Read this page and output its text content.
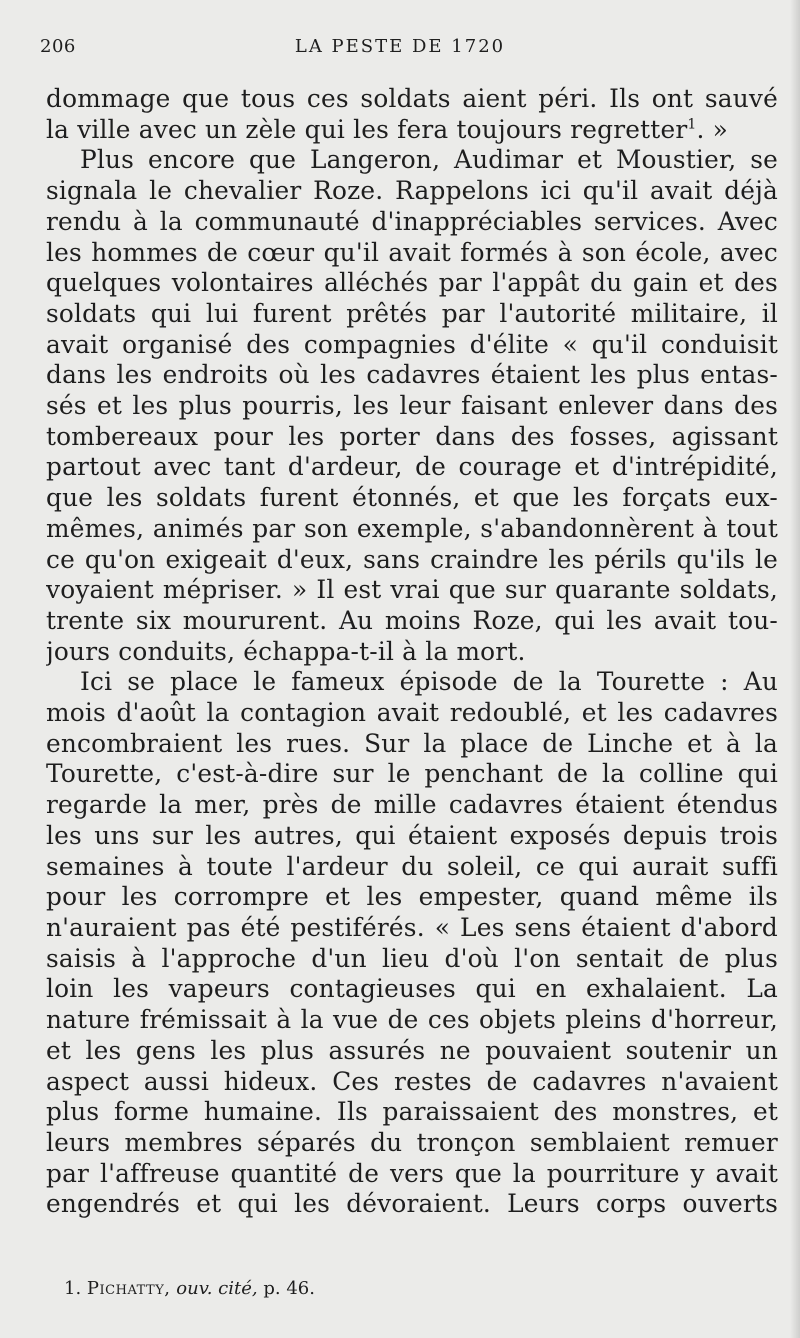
206	LA PESTE DE 1720
dommage que tous ces soldats aient péri. Ils ont sauvé
la ville avec un zèle qui les fera toujours regretter$^1$. »
Plus encore que Langeron, Audimar et Moustier, se
signala le chevalier Roze. Rappelons ici qu'il avait déjà
rendu à la communauté d'inappréciables services. Avec
les hommes de cœur qu'il avait formés à son école, avec
quelques volontaires alléchés par l'appât du gain et des
soldats qui lui furent prêtés par l'autorité militaire, il
avait organisé des compagnies d'élite « qu'il conduisit
dans les endroits où les cadavres étaient les plus entas-
sés et les plus pourris, les leur faisant enlever dans des
tombereaux pour les porter dans des fosses, agissant
partout avec tant d'ardeur, de courage et d'intrépidité,
que les soldats furent étonnés, et que les forçats eux-
mêmes, animés par son exemple, s'abandonnèrent à tout
ce qu'on exigeait d'eux, sans craindre les périls qu'ils le
voyaient mépriser. » Il est vrai que sur quarante soldats,
trente six moururent. Au moins Roze, qui les avait tou-
jours conduits, échappa-t-il à la mort.
Ici se place le fameux épisode de la Tourette : Au
mois d'août la contagion avait redoublé, et les cadavres
encombraient les rues. Sur la place de Linche et à la
Tourette, c'est-à-dire sur le penchant de la colline qui
regarde la mer, près de mille cadavres étaient étendus
les uns sur les autres, qui étaient exposés depuis trois
semaines à toute l'ardeur du soleil, ce qui aurait suffi
pour les corrompre et les empester, quand même ils
n'auraient pas été pestiférés. « Les sens étaient d'abord
saisis à l'approche d'un lieu d'où l'on sentait de plus
loin les vapeurs contagieuses qui en exhalaient. La
nature frémissait à la vue de ces objets pleins d'horreur,
et les gens les plus assurés ne pouvaient soutenir un
aspect aussi hideux. Ces restes de cadavres n'avaient
plus forme humaine. Ils paraissaient des monstres, et
leurs membres séparés du tronçon semblaient remuer
par l'affreuse quantité de vers que la pourriture y avait
engendrés et qui les dévoraient. Leurs corps ouverts
1. Pichatty, ouv. cité, p. 46.
